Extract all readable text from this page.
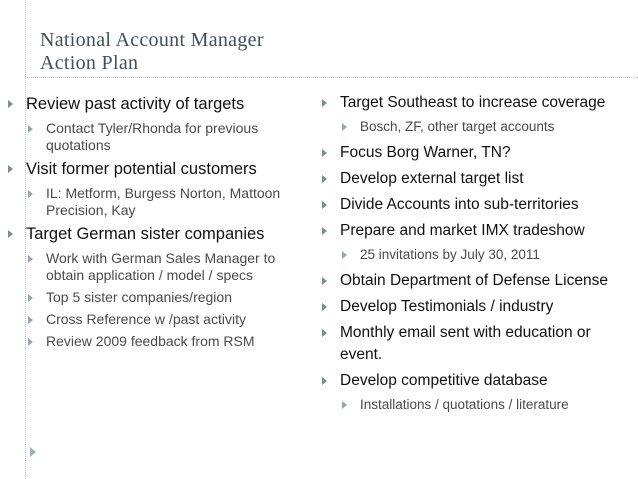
National Account Manager
Action Plan
Review past activity of targets
Contact Tyler/Rhonda for previous quotations
Visit former potential customers
IL: Metform, Burgess Norton, Mattoon Precision, Kay
Target German sister companies
Work with German Sales Manager to obtain application / model / specs
Top 5 sister companies/region
Cross Reference w /past activity
Review 2009 feedback from RSM
Target Southeast to increase coverage
Bosch, ZF, other target accounts
Focus Borg Warner, TN?
Develop external target list
Divide Accounts into sub-territories
Prepare and market IMX tradeshow
25 invitations by July 30, 2011
Obtain Department of Defense License
Develop Testimonials / industry
Monthly email sent with education or event.
Develop competitive database
Installations / quotations / literature
